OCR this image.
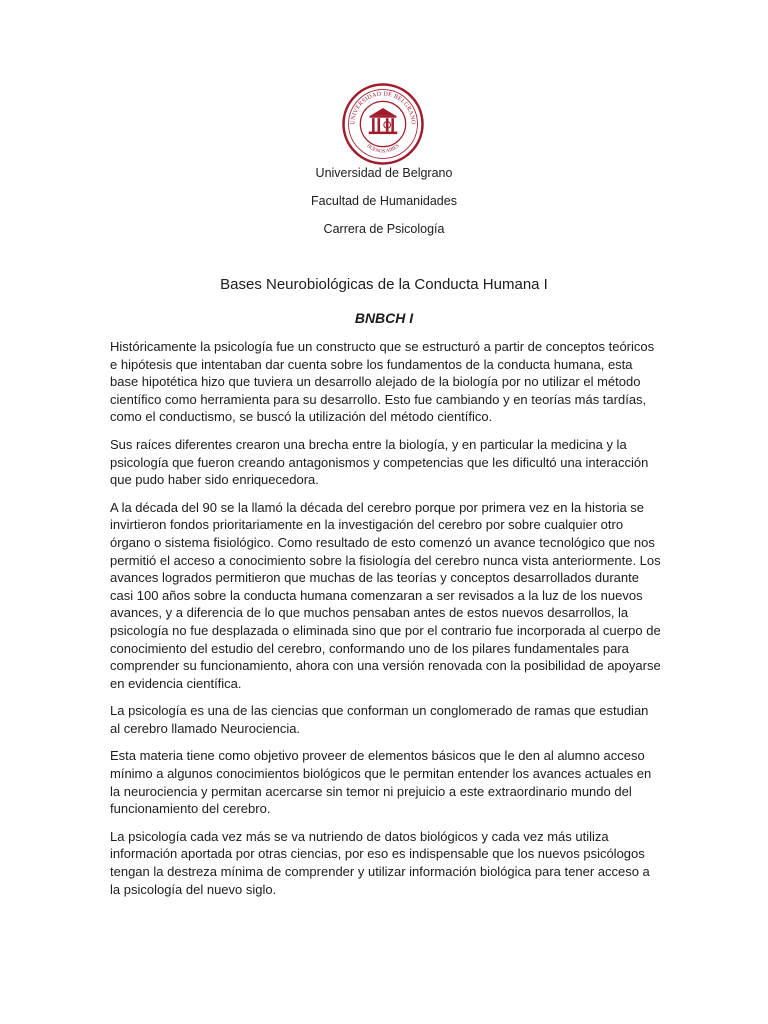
UNIVERSIDAD DE BELGRANO
BUENOS AIRES
Universidad de Belgrano
Facultad de Humanidades
Carrera de Psicología
Bases Neurobiológicas de la Conducta Humana I
BNBCH I

Históricamente la psicología fue un constructo que se estructuró a partir de conceptos teóricos e hipótesis que intentaban dar cuenta sobre los fundamentos de la conducta humana, esta base hipotética hizo que tuviera un desarrollo alejado de la biología por no utilizar el método científico como herramienta para su desarrollo. Esto fue cambiando y en teorías más tardías, como el conductismo, se buscó la utilización del método científico.

Sus raíces diferentes crearon una brecha entre la biología, y en particular la medicina y la psicología que fueron creando antagonismos y competencias que les dificultó una interacción que pudo haber sido enriquecedora.

A la década del 90 se la llamó la década del cerebro porque por primera vez en la historia se invirtieron fondos prioritariamente en la investigación del cerebro por sobre cualquier otro órgano o sistema fisiológico. Como resultado de esto comenzó un avance tecnológico que nos permitió el acceso a conocimiento sobre la fisiología del cerebro nunca vista anteriormente. Los avances logrados permitieron que muchas de las teorías y conceptos desarrollados durante casi 100 años sobre la conducta humana comenzaran a ser revisados a la luz de los nuevos avances, y a diferencia de lo que muchos pensaban antes de estos nuevos desarrollos, la psicología no fue desplazada o eliminada sino que por el contrario fue incorporada al cuerpo de conocimiento del estudio del cerebro, conformando uno de los pilares fundamentales para comprender su funcionamiento, ahora con una versión renovada con la posibilidad de apoyarse en evidencia científica.

La psicología es una de las ciencias que conforman un conglomerado de ramas que estudian al cerebro llamado Neurociencia.

Esta materia tiene como objetivo proveer de elementos básicos que le den al alumno acceso mínimo a algunos conocimientos biológicos que le permitan entender los avances actuales en la neurociencia y permitan acercarse sin temor ni prejuicio a este extraordinario mundo del funcionamiento del cerebro.

La psicología cada vez más se va nutriendo de datos biológicos y cada vez más utiliza información aportada por otras ciencias, por eso es indispensable que los nuevos psicólogos tengan la destreza mínima de comprender y utilizar información biológica para tener acceso a la psicología del nuevo siglo.
